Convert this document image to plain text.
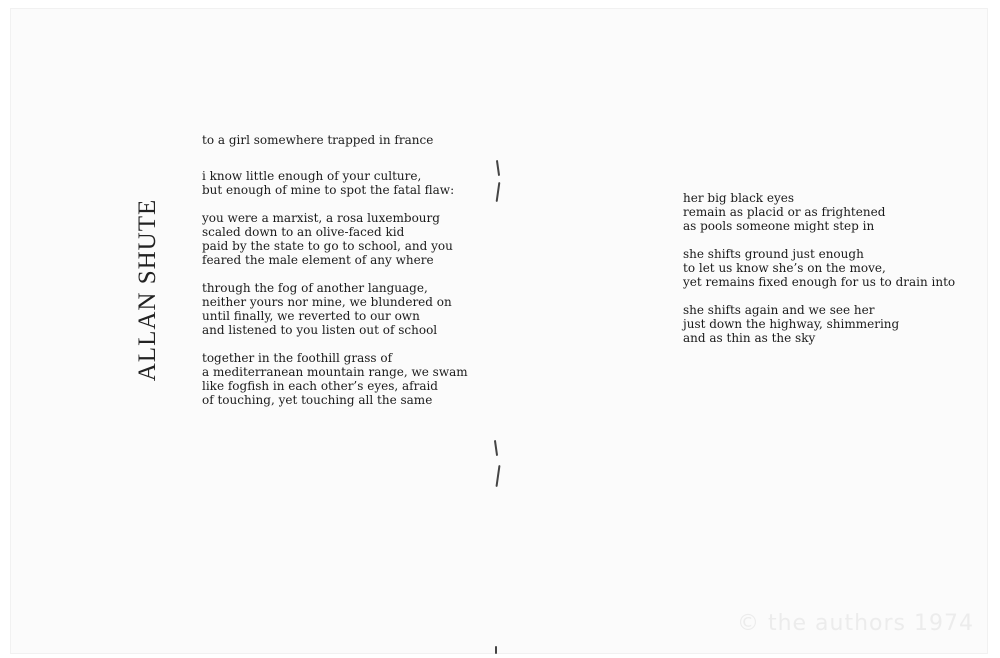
ALLAN SHUTE
to a girl somewhere trapped in france
i know little enough of your culture,
but enough of mine to spot the fatal flaw:
you were a marxist, a rosa luxembourg
scaled down to an olive-faced kid
paid by the state to go to school, and you
feared the male element of any where
through the fog of another language,
neither yours nor mine, we blundered on
until finally, we reverted to our own
and listened to you listen out of school
together in the foothill grass of
a mediterranean mountain range, we swam
like fogfish in each other’s eyes, afraid
of touching, yet touching all the same
her big black eyes
remain as placid or as frightened
as pools someone might step in
she shifts ground just enough
to let us know she’s on the move,
yet remains fixed enough for us to drain into
she shifts again and we see her
just down the highway, shimmering
and as thin as the sky
© the authors 1974
